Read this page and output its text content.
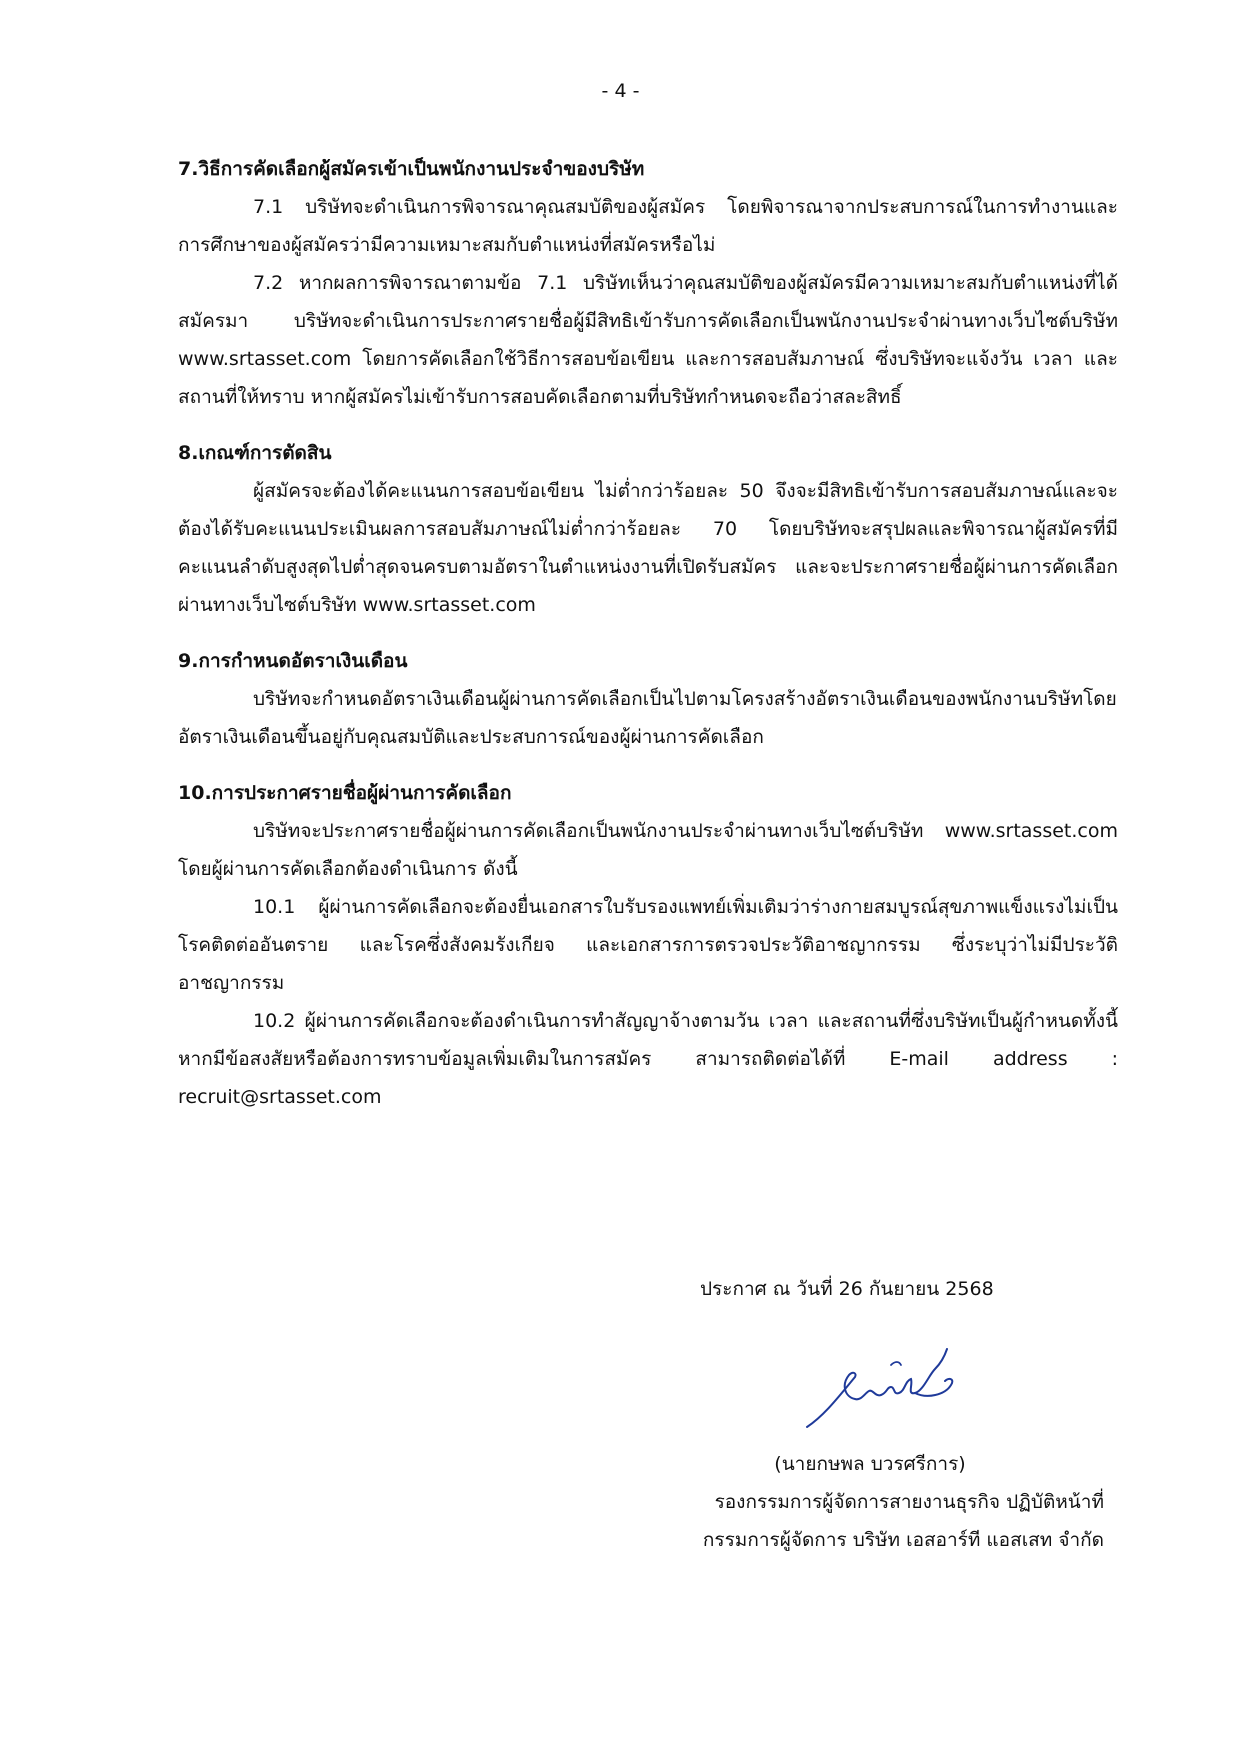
- 4 -

7.วิธีการคัดเลือกผู้สมัครเข้าเป็นพนักงานประจำของบริษัท

7.1 บริษัทจะดำเนินการพิจารณาคุณสมบัติของผู้สมัคร โดยพิจารณาจากประสบการณ์ในการทำงานและการศึกษาของผู้สมัครว่ามีความเหมาะสมกับตำแหน่งที่สมัครหรือไม่

7.2 หากผลการพิจารณาตามข้อ 7.1 บริษัทเห็นว่าคุณสมบัติของผู้สมัครมีความเหมาะสมกับตำแหน่งที่ได้สมัครมา บริษัทจะดำเนินการประกาศรายชื่อผู้มีสิทธิเข้ารับการคัดเลือกเป็นพนักงานประจำผ่านทางเว็บไซต์บริษัท www.srtasset.com โดยการคัดเลือกใช้วิธีการสอบข้อเขียน และการสอบสัมภาษณ์ ซึ่งบริษัทจะแจ้งวัน เวลา และสถานที่ให้ทราบ หากผู้สมัครไม่เข้ารับการสอบคัดเลือกตามที่บริษัทกำหนดจะถือว่าสละสิทธิ์

8.เกณฑ์การตัดสิน

ผู้สมัครจะต้องได้คะแนนการสอบข้อเขียน ไม่ต่ำกว่าร้อยละ 50 จึงจะมีสิทธิเข้ารับการสอบสัมภาษณ์และจะต้องได้รับคะแนนประเมินผลการสอบสัมภาษณ์ไม่ต่ำกว่าร้อยละ 70 โดยบริษัทจะสรุปผลและพิจารณาผู้สมัครที่มีคะแนนลำดับสูงสุดไปต่ำสุดจนครบตามอัตราในตำแหน่งงานที่เปิดรับสมัคร และจะประกาศรายชื่อผู้ผ่านการคัดเลือกผ่านทางเว็บไซต์บริษัท www.srtasset.com

9.การกำหนดอัตราเงินเดือน

บริษัทจะกำหนดอัตราเงินเดือนผู้ผ่านการคัดเลือกเป็นไปตามโครงสร้างอัตราเงินเดือนของพนักงานบริษัทโดยอัตราเงินเดือนขึ้นอยู่กับคุณสมบัติและประสบการณ์ของผู้ผ่านการคัดเลือก

10.การประกาศรายชื่อผู้ผ่านการคัดเลือก

บริษัทจะประกาศรายชื่อผู้ผ่านการคัดเลือกเป็นพนักงานประจำผ่านทางเว็บไซต์บริษัท www.srtasset.com โดยผู้ผ่านการคัดเลือกต้องดำเนินการ ดังนี้

10.1 ผู้ผ่านการคัดเลือกจะต้องยื่นเอกสารใบรับรองแพทย์เพิ่มเติมว่าร่างกายสมบูรณ์สุขภาพแข็งแรงไม่เป็นโรคติดต่ออันตราย และโรคซึ่งสังคมรังเกียจ และเอกสารการตรวจประวัติอาชญากรรม ซึ่งระบุว่าไม่มีประวัติอาชญากรรม

10.2 ผู้ผ่านการคัดเลือกจะต้องดำเนินการทำสัญญาจ้างตามวัน เวลา และสถานที่ซึ่งบริษัทเป็นผู้กำหนดทั้งนี้ หากมีข้อสงสัยหรือต้องการทราบข้อมูลเพิ่มเติมในการสมัคร สามารถติดต่อได้ที่ E-mail address : recruit@srtasset.com

ประกาศ ณ วันที่ 26 กันยายน 2568
(นายกษพล บวรศรีการ)
รองกรรมการผู้จัดการสายงานธุรกิจ ปฏิบัติหน้าที่
กรรมการผู้จัดการ บริษัท เอสอาร์ที แอสเสท จำกัด
